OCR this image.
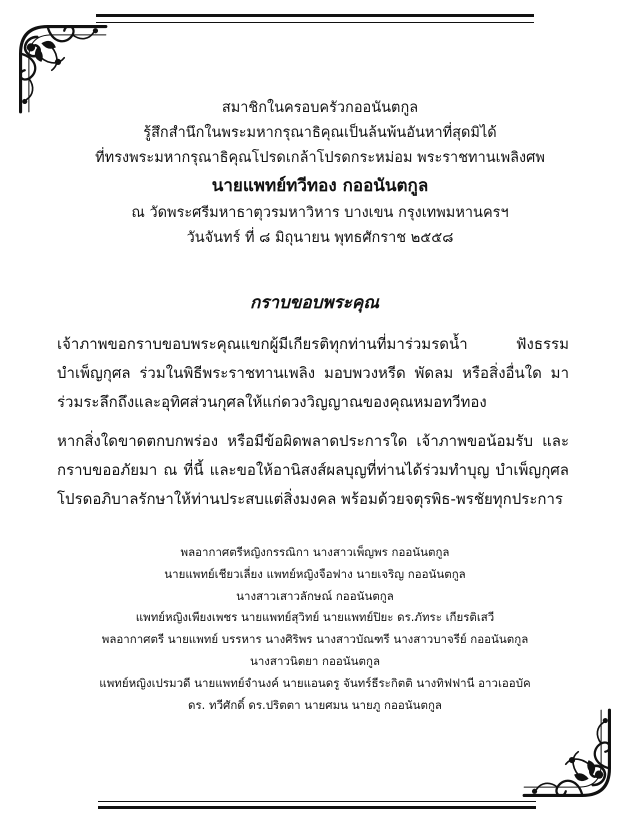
สมาชิกในครอบครัวกออนันตกูล
รู้สึกสำนึกในพระมหากรุณาธิคุณเป็นล้นพ้นอันหาที่สุดมิได้
ที่ทรงพระมหากรุณาธิคุณโปรดเกล้าโปรดกระหม่อม พระราชทานเพลิงศพ
นายแพทย์ทวีทอง กออนันตกูล
ณ วัดพระศรีมหาธาตุวรมหาวิหาร บางเขน กรุงเทพมหานครฯ
วันจันทร์ ที่ ๘ มิถุนายน พุทธศักราช ๒๕๕๘
กราบขอบพระคุณ

เจ้าภาพขอกราบขอบพระคุณแขกผู้มีเกียรติทุกท่านที่มาร่วมรดน้ำ ฟังธรรม บำเพ็ญกุศล ร่วมในพิธีพระราชทานเพลิง มอบพวงหรีด พัดลม หรือสิ่งอื่นใด มาร่วมระลึกถึงและอุทิศส่วนกุศลให้แก่ดวงวิญญาณของคุณหมอทวีทอง

หากสิ่งใดขาดตกบกพร่อง หรือมีข้อผิดพลาดประการใด เจ้าภาพขอน้อมรับ และกราบขออภัยมา ณ ที่นี้ และขอให้อานิสงส์ผลบุญที่ท่านได้ร่วมทำบุญ บำเพ็ญกุศล โปรดอภิบาลรักษาให้ท่านประสบแต่สิ่งมงคล พร้อมด้วยจตุรพิธ-พรชัยทุกประการ

พลอากาศตรีหญิงกรรณิกา นางสาวเพ็ญพร กออนันตกูล
นายแพทย์เชียวเลี่ยง แพทย์หญิงจือฟาง นายเจริญ กออนันตกูล
นางสาวเสาวลักษณ์ กออนันตกูล
แพทย์หญิงเพียงเพชร นายแพทย์สุวิทย์ นายแพทย์ปิยะ ดร.ภัทระ เกียรติเสวี
พลอากาศตรี นายแพทย์ บรรหาร นางศิริพร นางสาวบัณฑรี นางสาวบาจรีย์ กออนันตกูล
นางสาวนิตยา กออนันตกูล
แพทย์หญิงเปรมวดี นายแพทย์จำนงค์ นายแอนดรู จันทร์ธีระกิตติ นางทิฟฟานี อาวเออบัค
ดร. ทวีศักดิ์ ดร.ปริตตา นายศมน นายภู กออนันตกูล
